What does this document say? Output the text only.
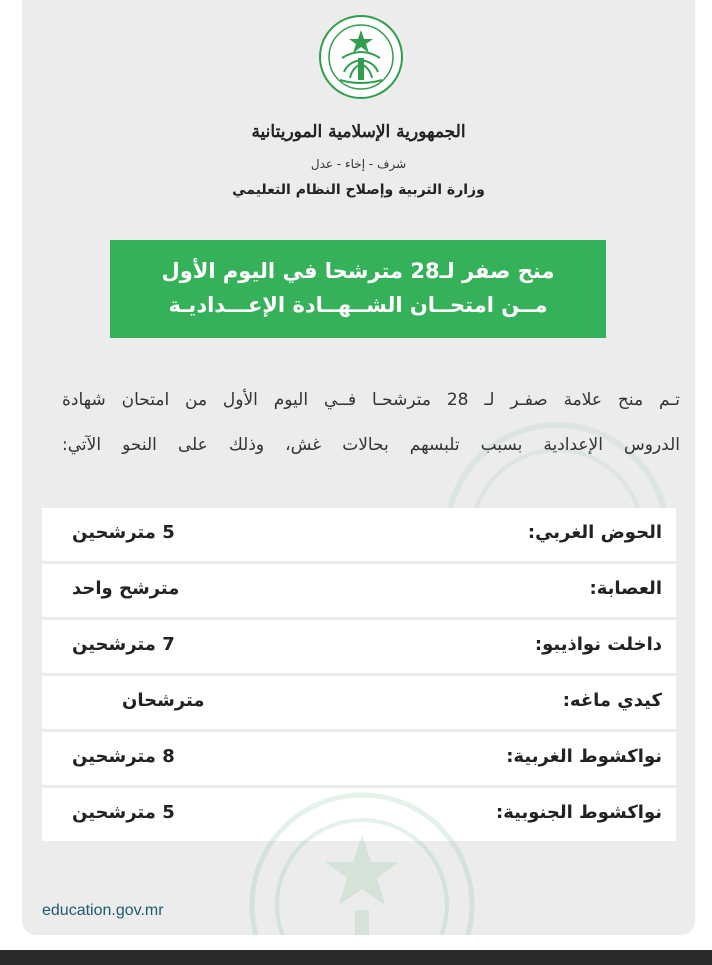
الجمهورية الإسلامية الموريتانية
شرف - إخاء - عدل
وزارة التربية وإصلاح النظام التعليمي
منح صفر لـ28 مترشحا في اليوم الأول
مــن امتحــان الشــهــادة الإعـــداديـة
تـم منح علامة صفـر لـ 28 مترشحـا فــي اليوم الأول من امتحان شهادة
الدروس الإعدادية بسبب تلبسهم بحالات غش، وذلك على النحو الآتي:
الحوض الغربي:
5 مترشحين
العصابة:
مترشح واحد
داخلت نواذيبو:
7 مترشحين
كيدي ماغه:
مترشحان
نواكشوط الغربية:
8 مترشحين
نواكشوط الجنوبية:
5 مترشحين
education.gov.mr
